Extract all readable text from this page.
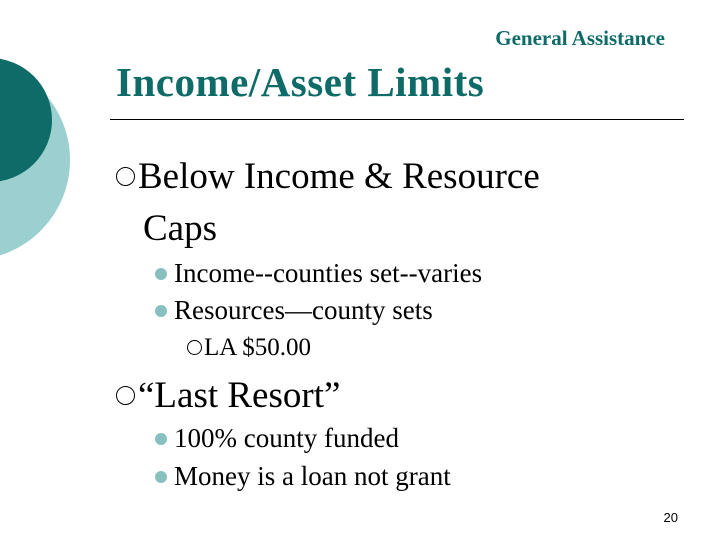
General Assistance
Income/Asset Limits
Below Income & Resource
Caps
Income--counties set--varies
Resources—county sets
LA $50.00
“Last Resort”
100% county funded
Money is a loan not grant
20
